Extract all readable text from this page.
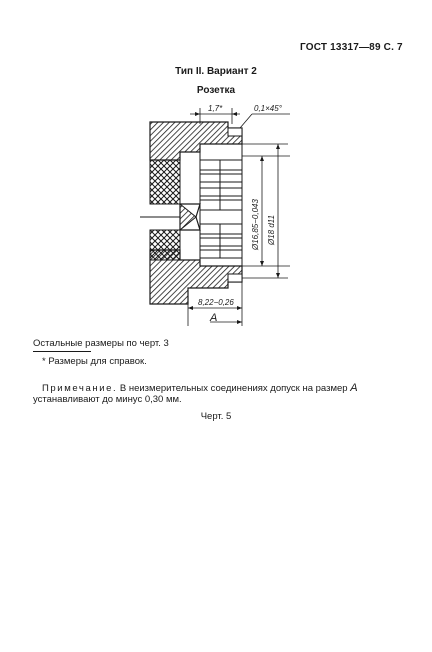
ГОСТ 13317—89 С. 7
Тип II. Вариант 2
Розетка
1,7*	0,1×45°
Ø16,85−0,043 Ø18 d11
8,22−0,26
A
Остальные размеры по черт. 3
* Размеры для справок.
Примечание. В неизмерительных соединениях допуск на размер А
устанавливают до минус 0,30 мм.
Черт. 5
